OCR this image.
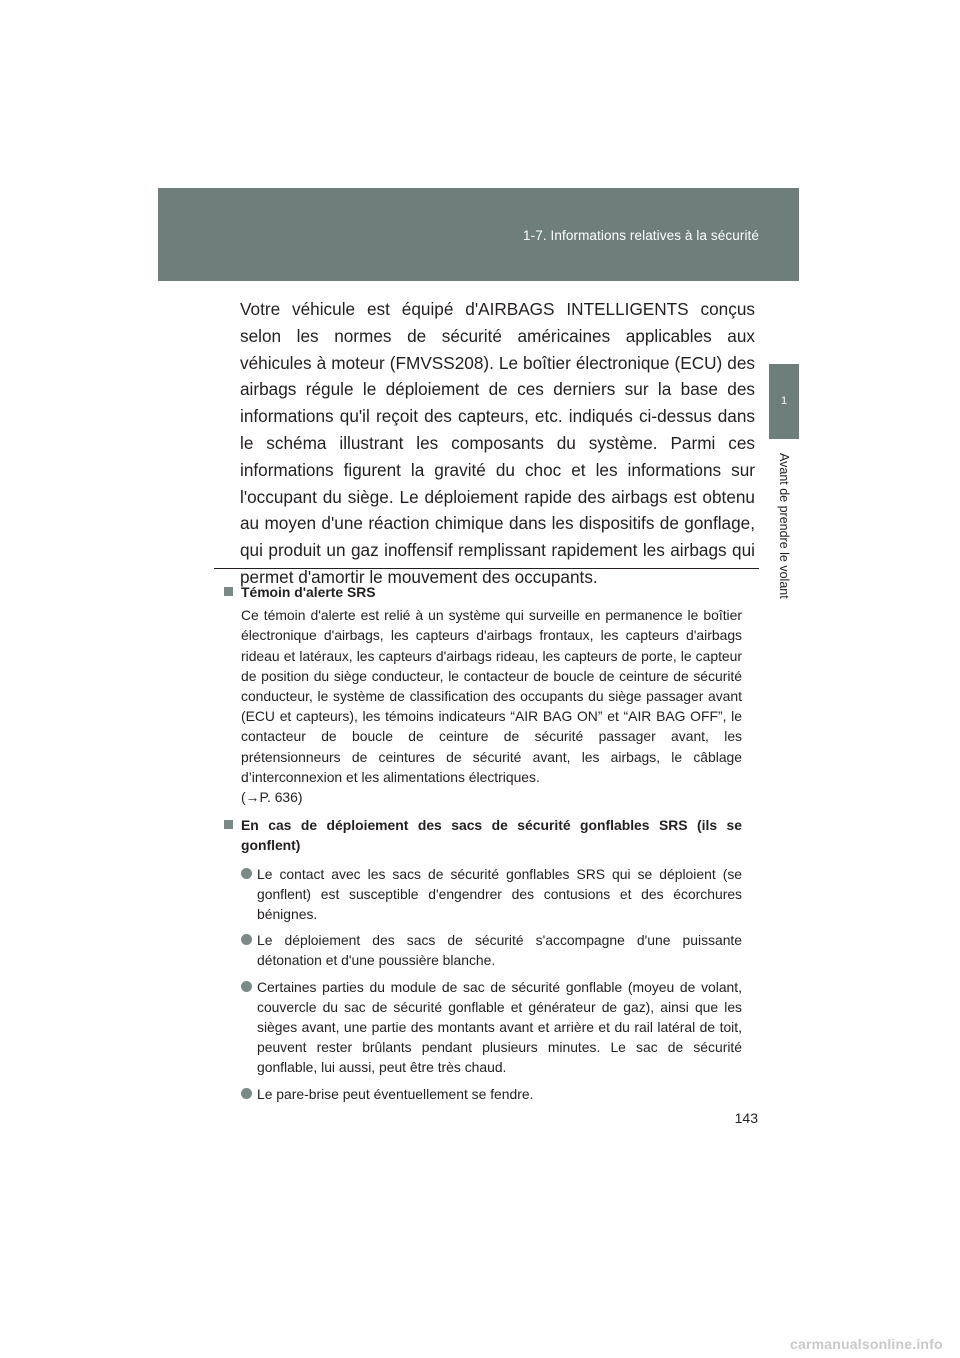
1-7. Informations relatives à la sécurité
1
Avant de prendre le volant

Votre véhicule est équipé d'AIRBAGS INTELLIGENTS conçus selon les normes de sécurité américaines applicables aux véhicules à moteur (FMVSS208). Le boîtier électronique (ECU) des airbags régule le déploiement de ces derniers sur la base des informations qu'il reçoit des capteurs, etc. indiqués ci-dessus dans le schéma illustrant les composants du système. Parmi ces informations figurent la gravité du choc et les informations sur l'occupant du siège. Le déploiement rapide des airbags est obtenu au moyen d'une réaction chimique dans les dispositifs de gonflage, qui produit un gaz inoffensif remplissant rapidement les airbags qui permet d'amortir le mouvement des occupants.

Témoin d'alerte SRS

Ce témoin d'alerte est relié à un système qui surveille en permanence le boîtier électronique d'airbags, les capteurs d'airbags frontaux, les capteurs d'airbags rideau et latéraux, les capteurs d'airbags rideau, les capteurs de porte, le capteur de position du siège conducteur, le contacteur de boucle de ceinture de sécurité conducteur, le système de classification des occupants du siège passager avant (ECU et capteurs), les témoins indicateurs “AIR BAG ON” et “AIR BAG OFF”, le contacteur de boucle de ceinture de sécurité passager avant, les prétensionneurs de ceintures de sécurité avant, les airbags, le câblage d’interconnexion et les alimentations électriques.

(→P. 636)

En cas de déploiement des sacs de sécurité gonflables SRS (ils se gonflent)

Le contact avec les sacs de sécurité gonflables SRS qui se déploient (se gonflent) est susceptible d'engendrer des contusions et des écorchures bénignes.
Le déploiement des sacs de sécurité s'accompagne d'une puissante détonation et d'une poussière blanche.
Certaines parties du module de sac de sécurité gonflable (moyeu de volant, couvercle du sac de sécurité gonflable et générateur de gaz), ainsi que les sièges avant, une partie des montants avant et arrière et du rail latéral de toit, peuvent rester brûlants pendant plusieurs minutes. Le sac de sécurité gonflable, lui aussi, peut être très chaud.
Le pare-brise peut éventuellement se fendre.
143
carmanualsonline.info
